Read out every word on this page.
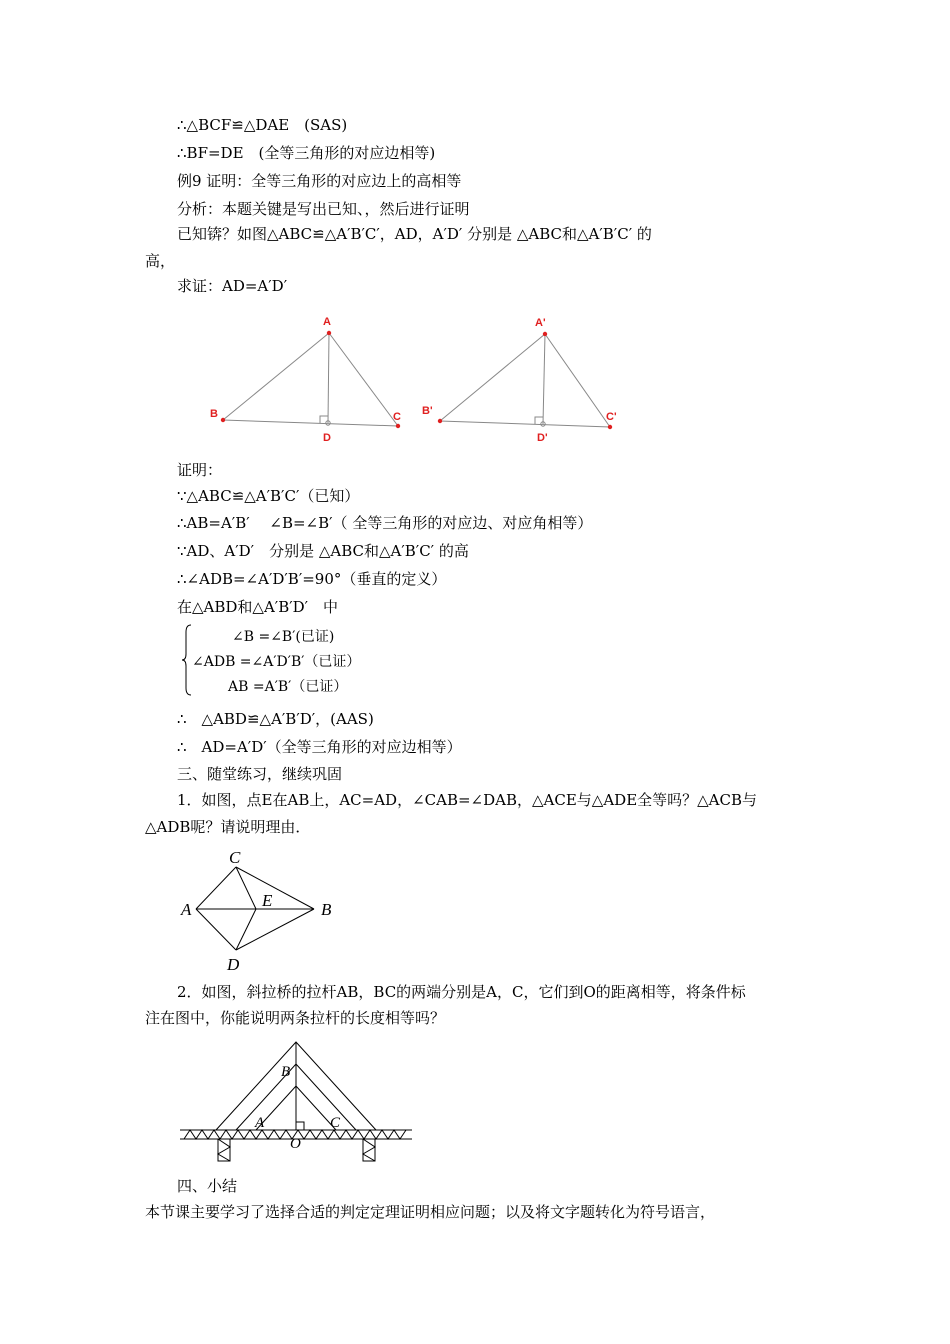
∴△BCF≌△DAE　(SAS)
∴BF=DE　(全等三角形的对应边相等)
例9 证明：全等三角形的对应边上的高相等
分析：本题关键是写出已知、，然后进行证明
已知锛？如图△ABC≌△A′B′C′，AD，A′D′ 分别是 △ABC和△A′B′C′ 的
高，
求证：AD=A′D′
A
B	C
D
A'
B'	C'
D'
证明：
∵△ABC≌△A′B′C′（已知）
∴AB=A′B′　 ∠B=∠B′（ 全等三角形的对应边、对应角相等）
∵AD、A′D′　分别是 △ABC和△A′B′C′ 的高
∴∠ADB=∠A′D′B′=90°（垂直的定义）
在△ABD和△A′B′D′　中
∠B =∠B′(已证)
∠ADB =∠A′D′B′（已证）
AB =A′B′（已证）
∴　△ABD≌△A′B′D′，(AAS)
∴　AD=A′D′（全等三角形的对应边相等）
三、随堂练习，继续巩固
1．如图，点E在AB上，AC=AD，∠CAB=∠DAB，△ACE与△ADE全等吗？△ACB与
△ADB呢？请说明理由．
C
A	E	B
D
2．如图，斜拉桥的拉杆AB，BC的两端分别是A，C，它们到O的距离相等，将条件标
注在图中，你能说明两条拉杆的长度相等吗？
B
A	C
O
四、小结
本节课主要学习了选择合适的判定定理证明相应问题；以及将文字题转化为符号语言，
